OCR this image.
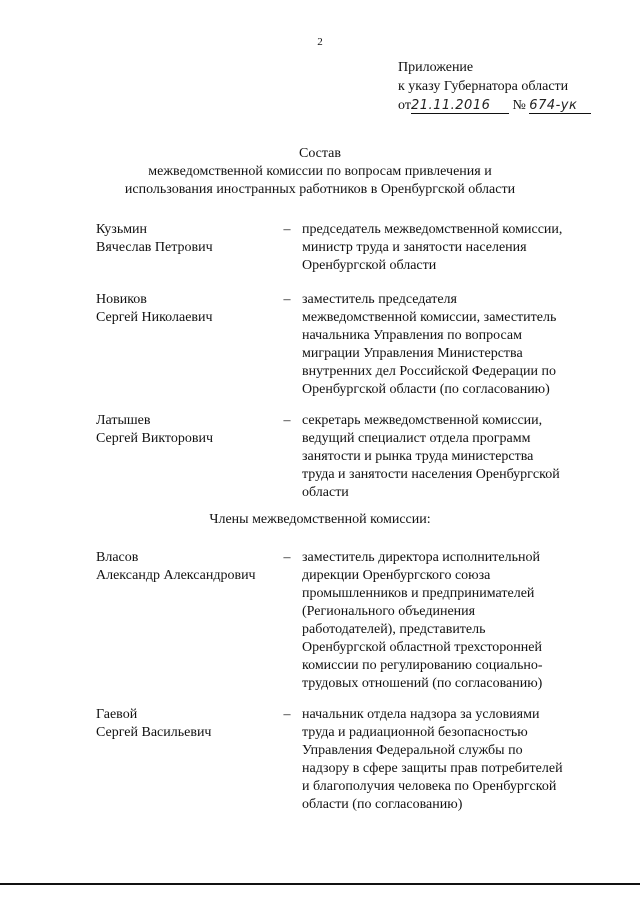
2
Приложение
к указу Губернатора области
от21.11.2016 № 674-ук
Состав
межведомственной комиссии по вопросам привлечения и
использования иностранных работников в Оренбургской области
Кузьмин
Вячеслав Петрович
– председатель межведомственной комиссии,
министр труда и занятости населения
Оренбургской области
Новиков
Сергей Николаевич
– заместитель председателя
межведомственной комиссии, заместитель
начальника Управления по вопросам
миграции Управления Министерства
внутренних дел Российской Федерации по
Оренбургской области (по согласованию)
Латышев
Сергей Викторович
– секретарь межведомственной комиссии,
ведущий специалист отдела программ
занятости и рынка труда министерства
труда и занятости населения Оренбургской
области
Члены межведомственной комиссии:
Власов
Александр Александрович
– заместитель директора исполнительной
дирекции Оренбургского союза
промышленников и предпринимателей
(Регионального объединения
работодателей), представитель
Оренбургской областной трехсторонней
комиссии по регулированию социально-
трудовых отношений (по согласованию)
Гаевой
Сергей Васильевич
– начальник отдела надзора за условиями
труда и радиационной безопасностью
Управления Федеральной службы по
надзору в сфере защиты прав потребителей
и благополучия человека по Оренбургской
области (по согласованию)
